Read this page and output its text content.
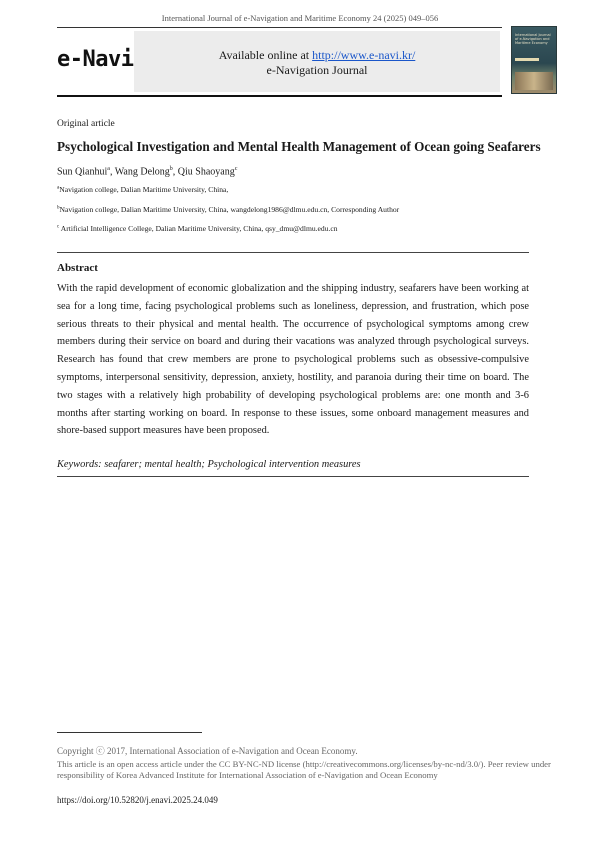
International Journal of e-Navigation and Maritime Economy 24 (2025) 049–056
e-Navi	Available online at http://www.e-navi.kr/
e-Navigation Journal
International Journal of e-Navigation and Maritime Economy
Original article
Psychological Investigation and Mental Health Management of Ocean going Seafarers
Sun Qianhui$^a$, Wang Delong$^b$, Qiu Shaoyang$^c$
$^a$Navigation college, Dalian Maritime University, China,
$^b$Navigation college, Dalian Maritime University, China, wangdelong1986@dlmu.edu.cn, Corresponding Author
$^c$ Artificial Intelligence College, Dalian Maritime University, China, qsy_dmu@dlmu.edu.cn
Abstract
With the rapid development of economic globalization and the shipping industry, seafarers have been working at sea for a long time, facing psychological problems such as loneliness, depression, and frustration, which pose serious threats to their physical and mental health. The occurrence of psychological symptoms among crew members during their service on board and during their vacations was analyzed through psychological surveys. Research has found that crew members are prone to psychological problems such as obsessive-compulsive symptoms, interpersonal sensitivity, depression, anxiety, hostility, and paranoia during their time on board. The two stages with a relatively high probability of developing psychological problems are: one month and 3-6 months after starting working on board. In response to these issues, some onboard management measures and shore-based support measures have been proposed.
Keywords: seafarer; mental health; Psychological intervention measures
Copyright ⓒ 2017, International Association of e-Navigation and Ocean Economy.
This article is an open access article under the CC BY-NC-ND license (http://creativecommons.org/licenses/by-nc-nd/3.0/). Peer review under responsibility of Korea Advanced Institute for International Association of e-Navigation and Ocean Economy
https://doi.org/10.52820/j.enavi.2025.24.049
